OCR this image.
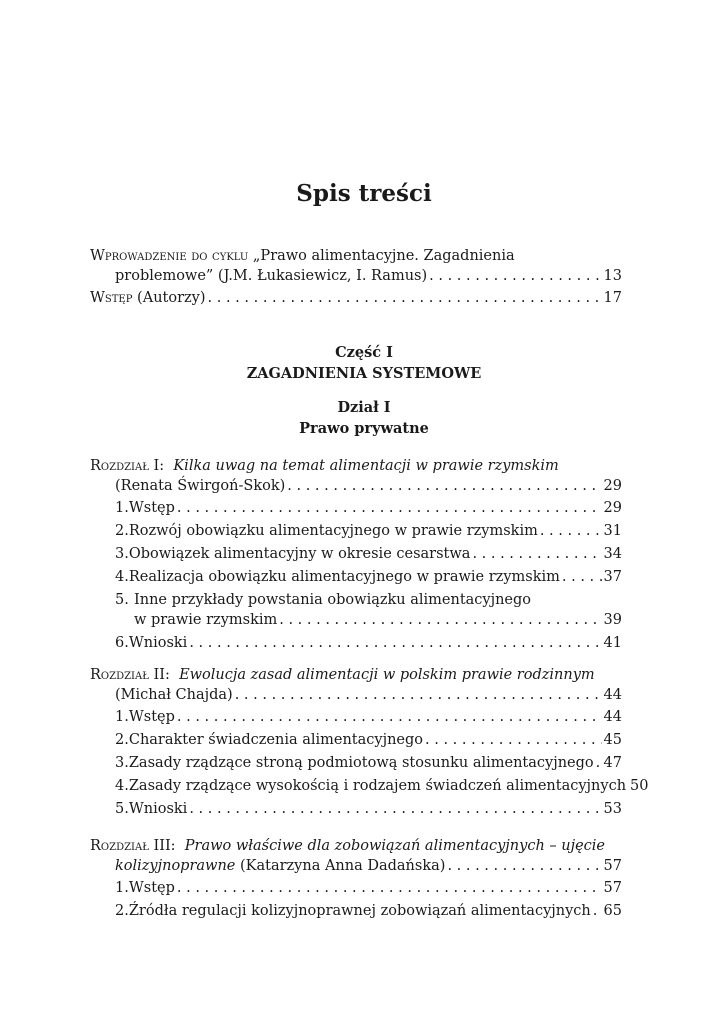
Spis treści
Wprowadzenie do cyklu „Prawo alimentacyjne. Zagadnienia
problemowe” (J.M. Łukasiewicz, I. Ramus) . . .	13
Wstęp (Autorzy) . . .	17
Część I
ZAGADNIENIA SYSTEMOWE
Dział I
Prawo prywatne
Rozdział I: Kilka uwag na temat alimentacji w prawie rzymskim
(Renata Świrgoń-Skok) . . .	29
1. Wstęp . . .	29
2. Rozwój obowiązku alimentacyjnego w prawie rzymskim . . .	31
3. Obowiązek alimentacyjny w okresie cesarstwa . . .	34
4. Realizacja obowiązku alimentacyjnego w prawie rzymskim . . .	37
5. Inne przykłady powstania obowiązku alimentacyjnego
w prawie rzymskim . . .	39
6. Wnioski . . .	41
Rozdział II: Ewolucja zasad alimentacji w polskim prawie rodzinnym
(Michał Chajda) . . .	44
1. Wstęp . . .	44
2. Charakter świadczenia alimentacyjnego . . .	45
3. Zasady rządzące stroną podmiotową stosunku alimentacyjnego . . . 47
4. Zasady rządzące wysokością i rodzajem świadczeń alimentacyjnych 50
5. Wnioski . . .	53
Rozdział III: Prawo właściwe dla zobowiązań alimentacyjnych – ujęcie
kolizyjnoprawne (Katarzyna Anna Dadańska) . . .	57
1. Wstęp . . .	57
2. Źródła regulacji kolizyjnoprawnej zobowiązań alimentacyjnych . . . 65
